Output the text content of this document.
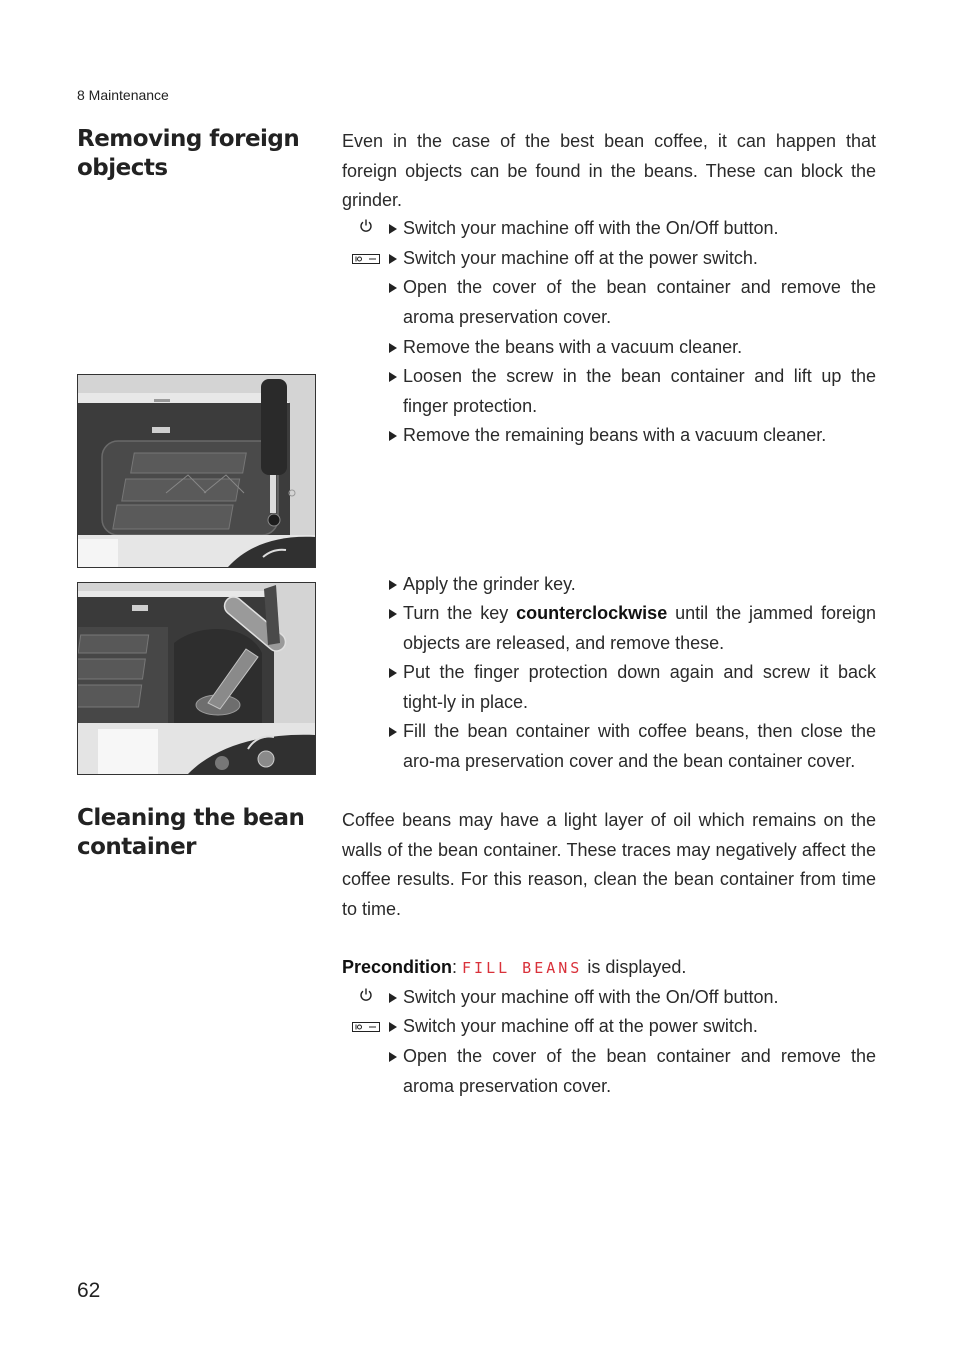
8 Maintenance
Removing foreign
objects
Even in the case of the best bean coffee, it can happen that foreign objects can be found in the beans. These can block the grinder.
Switch your machine off with the On/Off button.
Switch your machine off at the power switch.
Open the cover of the bean container and remove the aroma preservation cover.
Remove the beans with a vacuum cleaner.
Loosen the screw in the bean container and lift up the finger protection.
Remove the remaining beans with a vacuum cleaner.
Apply the grinder key.
Turn the key counterclockwise until the jammed foreign objects are released, and remove these.
Put the finger protection down again and screw it back tight-ly in place.
Fill the bean container with coffee beans, then close the aro-ma preservation cover and the bean container cover.
Cleaning the bean
container
Coffee beans may have a light layer of oil which remains on the walls of the bean container. These traces may negatively affect the coffee results. For this reason, clean the bean container from time to time.
Precondition: FILL BEANS is displayed.
Switch your machine off with the On/Off button.
Switch your machine off at the power switch.
Open the cover of the bean container and remove the aroma preservation cover.
62
